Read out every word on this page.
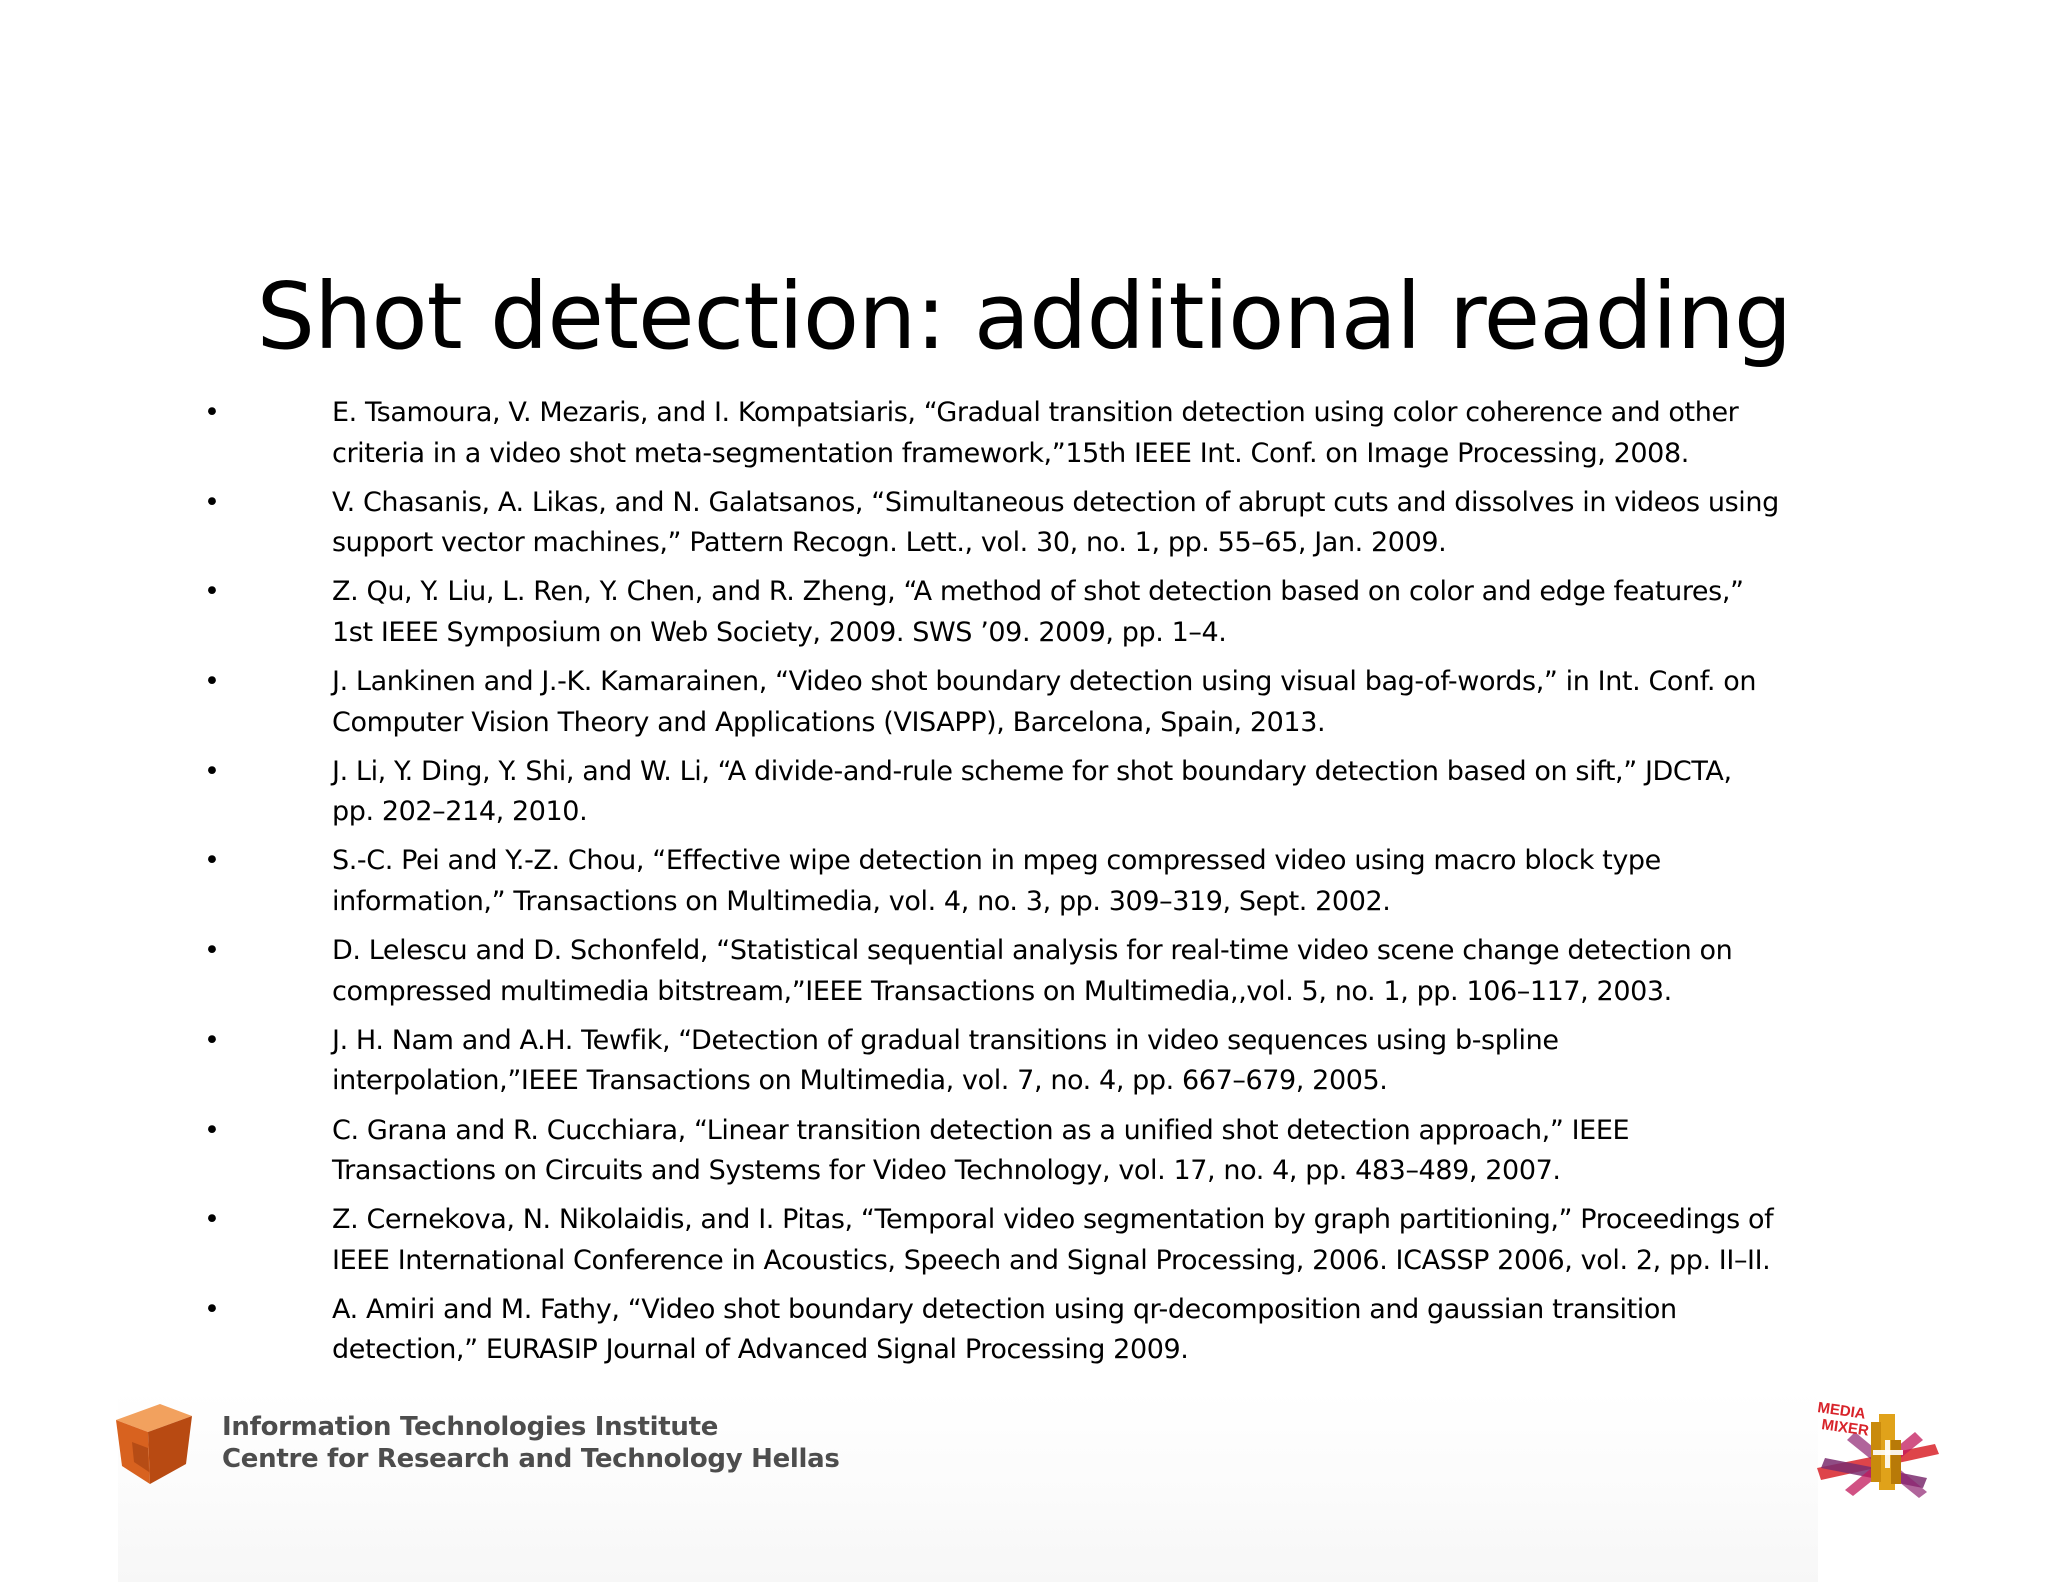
Shot detection: additional reading
•	E. Tsamoura, V. Mezaris, and I. Kompatsiaris, “Gradual transition detection using color coherence and other
criteria in a video shot meta-segmentation framework,”15th IEEE Int. Conf. on Image Processing, 2008.
•	V. Chasanis, A. Likas, and N. Galatsanos, “Simultaneous detection of abrupt cuts and dissolves in videos using
support vector machines,” Pattern Recogn. Lett., vol. 30, no. 1, pp. 55–65, Jan. 2009.
•	Z. Qu, Y. Liu, L. Ren, Y. Chen, and R. Zheng, “A method of shot detection based on color and edge features,”
1st IEEE Symposium on Web Society, 2009. SWS ’09. 2009, pp. 1–4.
•	J. Lankinen and J.-K. Kamarainen, “Video shot boundary detection using visual bag-of-words,” in Int. Conf. on
Computer Vision Theory and Applications (VISAPP), Barcelona, Spain, 2013.
•	J. Li, Y. Ding, Y. Shi, and W. Li, “A divide-and-rule scheme for shot boundary detection based on sift,” JDCTA,
pp. 202–214, 2010.
•	S.-C. Pei and Y.-Z. Chou, “Effective wipe detection in mpeg compressed video using macro block type
information,” Transactions on Multimedia, vol. 4, no. 3, pp. 309–319, Sept. 2002.
•	D. Lelescu and D. Schonfeld, “Statistical sequential analysis for real-time video scene change detection on
compressed multimedia bitstream,”IEEE Transactions on Multimedia,,vol. 5, no. 1, pp. 106–117, 2003.
•	J. H. Nam and A.H. Tewfik, “Detection of gradual transitions in video sequences using b-spline
interpolation,”IEEE Transactions on Multimedia, vol. 7, no. 4, pp. 667–679, 2005.
•	C. Grana and R. Cucchiara, “Linear transition detection as a unified shot detection approach,” IEEE
Transactions on Circuits and Systems for Video Technology, vol. 17, no. 4, pp. 483–489, 2007.
•	Z. Cernekova, N. Nikolaidis, and I. Pitas, “Temporal video segmentation by graph partitioning,” Proceedings of
IEEE International Conference in Acoustics, Speech and Signal Processing, 2006. ICASSP 2006, vol. 2, pp. II–II.
•	A. Amiri and M. Fathy, “Video shot boundary detection using qr-decomposition and gaussian transition
detection,” EURASIP Journal of Advanced Signal Processing 2009.
Information Technologies Institute
Centre for Research and Technology Hellas
MEDIA
MIXER
